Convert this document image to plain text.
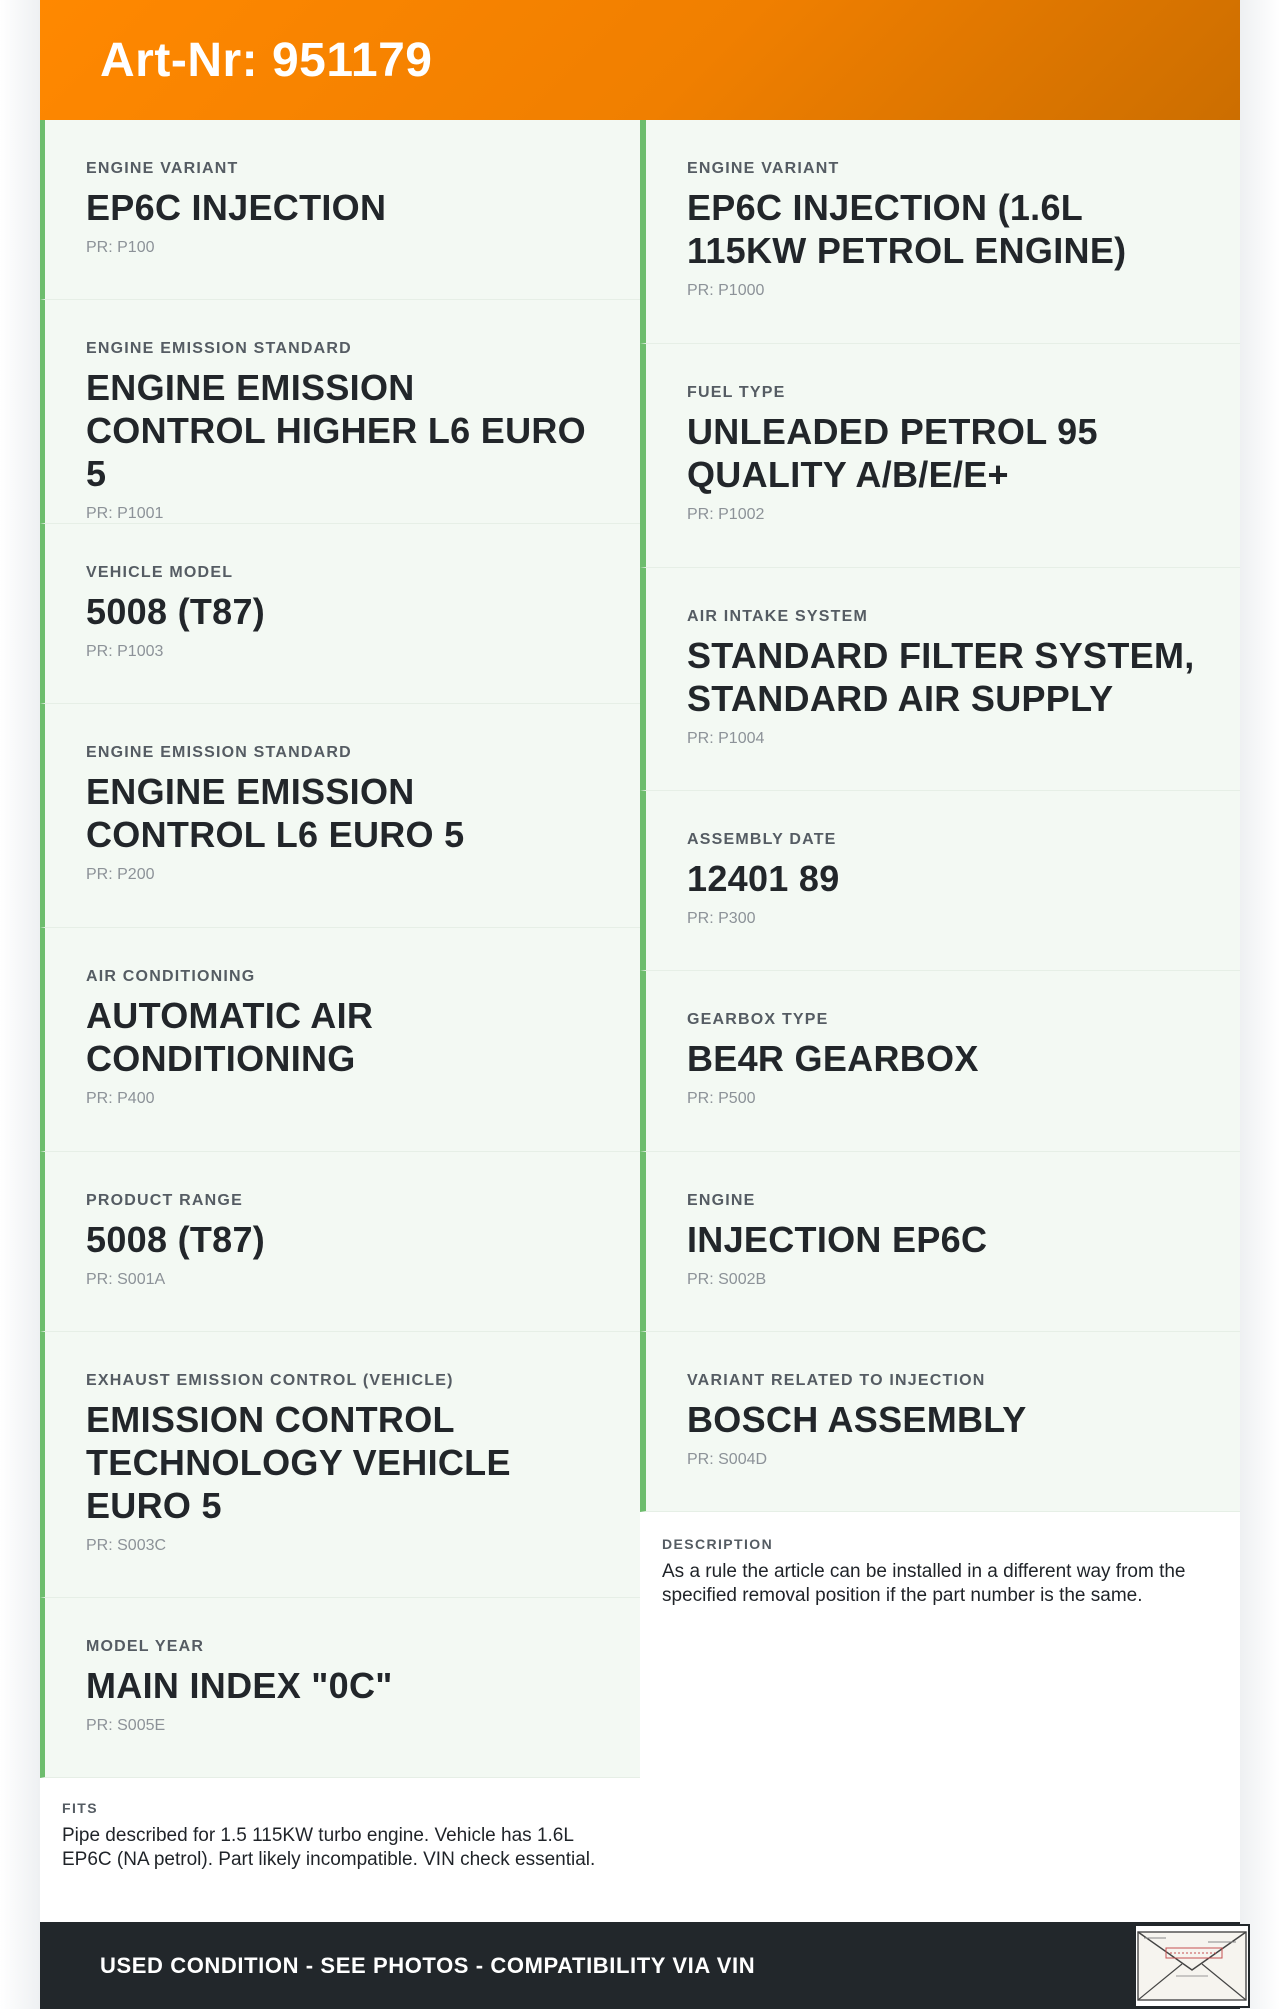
Art-Nr: 951179
ENGINE VARIANT
EP6C INJECTION
PR: P100
ENGINE EMISSION STANDARD
ENGINE EMISSION CONTROL HIGHER L6 EURO 5
PR: P1001
VEHICLE MODEL
5008 (T87)
PR: P1003
ENGINE EMISSION STANDARD
ENGINE EMISSION CONTROL L6 EURO 5
PR: P200
AIR CONDITIONING
AUTOMATIC AIR CONDITIONING
PR: P400
PRODUCT RANGE
5008 (T87)
PR: S001A
EXHAUST EMISSION CONTROL (VEHICLE)
EMISSION CONTROL TECHNOLOGY VEHICLE EURO 5
PR: S003C
MODEL YEAR
MAIN INDEX "0C"
PR: S005E
FITS
Pipe described for 1.5 115KW turbo engine. Vehicle has 1.6L EP6C (NA petrol). Part likely incompatible. VIN check essential.
ENGINE VARIANT
EP6C INJECTION (1.6L 115KW PETROL ENGINE)
PR: P1000
FUEL TYPE
UNLEADED PETROL 95 QUALITY A/B/E/E+
PR: P1002
AIR INTAKE SYSTEM
STANDARD FILTER SYSTEM, STANDARD AIR SUPPLY
PR: P1004
ASSEMBLY DATE
12401 89
PR: P300
GEARBOX TYPE
BE4R GEARBOX
PR: P500
ENGINE
INJECTION EP6C
PR: S002B
VARIANT RELATED TO INJECTION
BOSCH ASSEMBLY
PR: S004D
DESCRIPTION
As a rule the article can be installed in a different way from the specified removal position if the part number is the same.
USED CONDITION - SEE PHOTOS - COMPATIBILITY VIA VIN
